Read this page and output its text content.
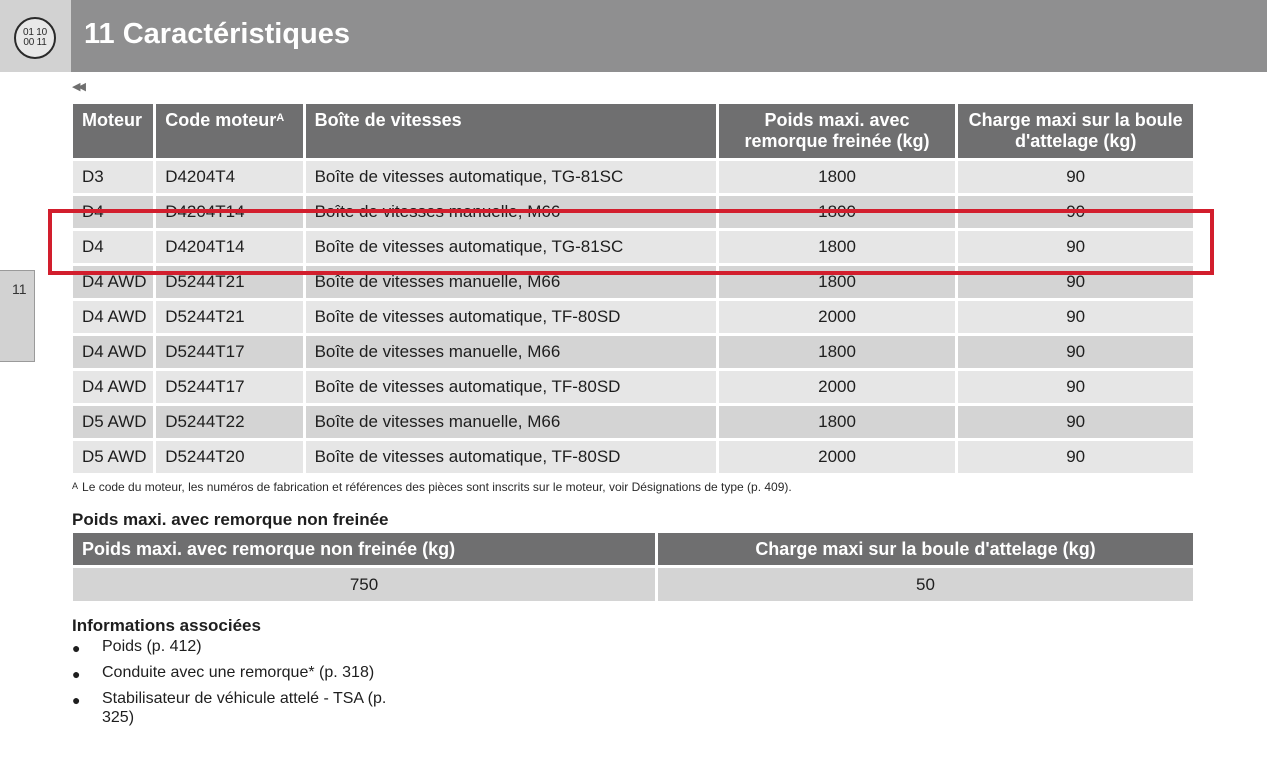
01 10
00 11 11 Caractéristiques
◀◀
11
Moteur	Code moteur$^A$	Boîte de vitesses	Poids maxi. avec remorque freinée (kg)	Charge maxi sur la boule d'attelage (kg)
D3	D4204T4	Boîte de vitesses automatique, TG-81SC	1800	90
D4	D4204T14	Boîte de vitesses manuelle, M66	1800	90
D4	D4204T14	Boîte de vitesses automatique, TG-81SC	1800	90
D4 AWD	D5244T21	Boîte de vitesses manuelle, M66	1800	90
D4 AWD	D5244T21	Boîte de vitesses automatique, TF-80SD	2000	90
D4 AWD	D5244T17	Boîte de vitesses manuelle, M66	1800	90
D4 AWD	D5244T17	Boîte de vitesses automatique, TF-80SD	2000	90
D5 AWD	D5244T22	Boîte de vitesses manuelle, M66	1800	90
D5 AWD	D5244T20	Boîte de vitesses automatique, TF-80SD	2000	90
A Le code du moteur, les numéros de fabrication et références des pièces sont inscrits sur le moteur, voir Désignations de type (p. 409).
Poids maxi. avec remorque non freinée
Poids maxi. avec remorque non freinée (kg)	Charge maxi sur la boule d'attelage (kg)
750	50
Informations associées
● Poids (p. 412)
● Conduite avec une remorque* (p. 318)
● Stabilisateur de véhicule attelé - TSA (p. 325)
